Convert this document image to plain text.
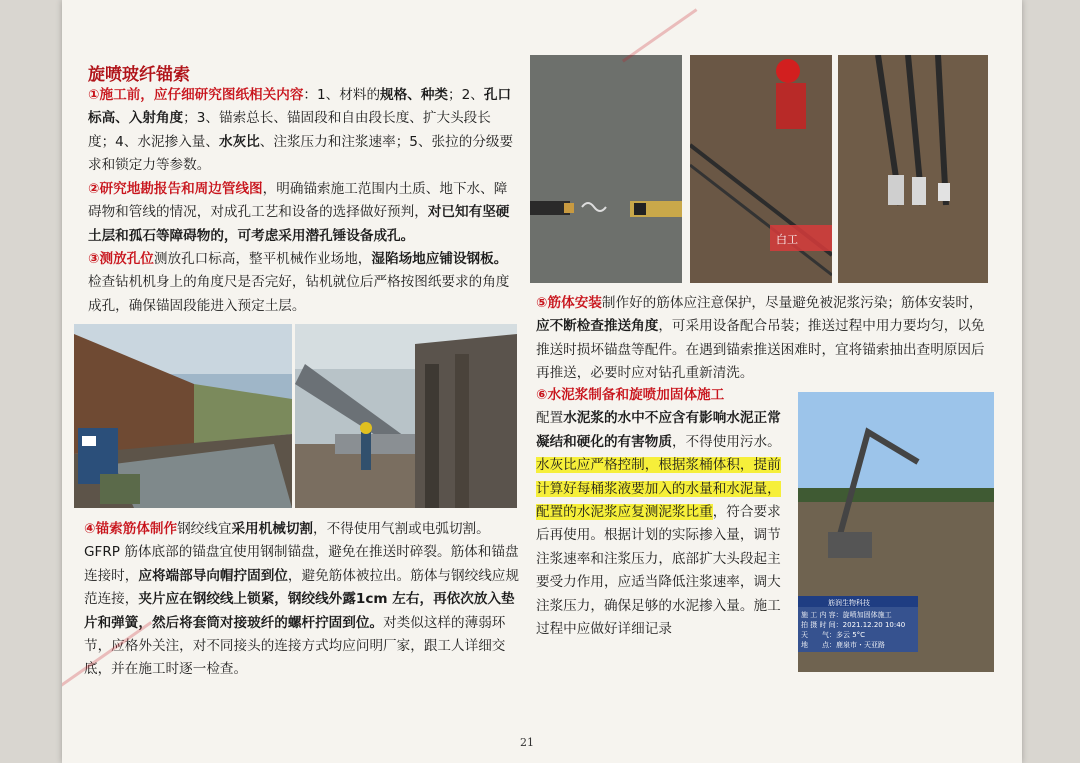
旋喷玻纤锚索

①施工前，应仔细研究图纸相关内容：1、材料的规格、种类；2、孔口标高、入射角度；3、锚索总长、锚固段和自由段长度、扩大头段长度；4、水泥掺入量、水灰比、注浆压力和注浆速率；5、张拉的分级要求和锁定力等参数。

②研究地勘报告和周边管线图，明确锚索施工范围内土质、地下水、障碍物和管线的情况，对成孔工艺和设备的选择做好预判，对已知有坚硬土层和孤石等障碍物的，可考虑采用潜孔锤设备成孔。

③测放孔位测放孔口标高，整平机械作业场地，湿陷场地应铺设钢板。检查钻机机身上的角度尺是否完好，钻机就位后严格按图纸要求的角度成孔，确保锚固段能进入预定土层。

④锚索筋体制作钢绞线宜采用机械切割，不得使用气割或电弧切割。GFRP 筋体底部的锚盘宜使用钢制锚盘，避免在推送时碎裂。筋体和锚盘连接时，应将端部导向帽拧固到位，避免筋体被拉出。筋体与钢绞线应规范连接，夹片应在钢绞线上锁紧，钢绞线外露1cm 左右，再依次放入垫片和弹簧，然后将套筒对接玻纤的螺杆拧固到位。对类似这样的薄弱环节，应格外关注，对不同接头的连接方式均应问明厂家，跟工人详细交底，并在施工时逐一检查。

白工

⑤筋体安装制作好的筋体应注意保护，尽量避免被泥浆污染；筋体安装时，应不断检查推送角度，可采用设备配合吊装；推送过程中用力要均匀，以免推送时损坏锚盘等配件。在遇到锚索推送困难时，宜将锚索抽出查明原因后再推送，必要时应对钻孔重新清洗。

⑥水泥浆制备和旋喷加固体施工
配置水泥浆的水中不应含有影响水泥正常凝结和硬化的有害物质，不得使用污水。水灰比应严格控制，根据浆桶体积，提前计算好每桶浆液要加入的水量和水泥量，配置的水泥浆应复测泥浆比重，符合要求后再使用。根据计划的实际掺入量，调节注浆速率和注浆压力，底部扩大头段起主要受力作用，应适当降低注浆速率，调大注浆压力，确保足够的水泥掺入量。施工过程中应做好详细记录

筋润生物科技
施 工 内 容：旋喷加固体施工
拍 摄 时 间：2021.12.20 10:40
天　　气：多云 5°C
地　　点：鹿泉市・天亚路
21
